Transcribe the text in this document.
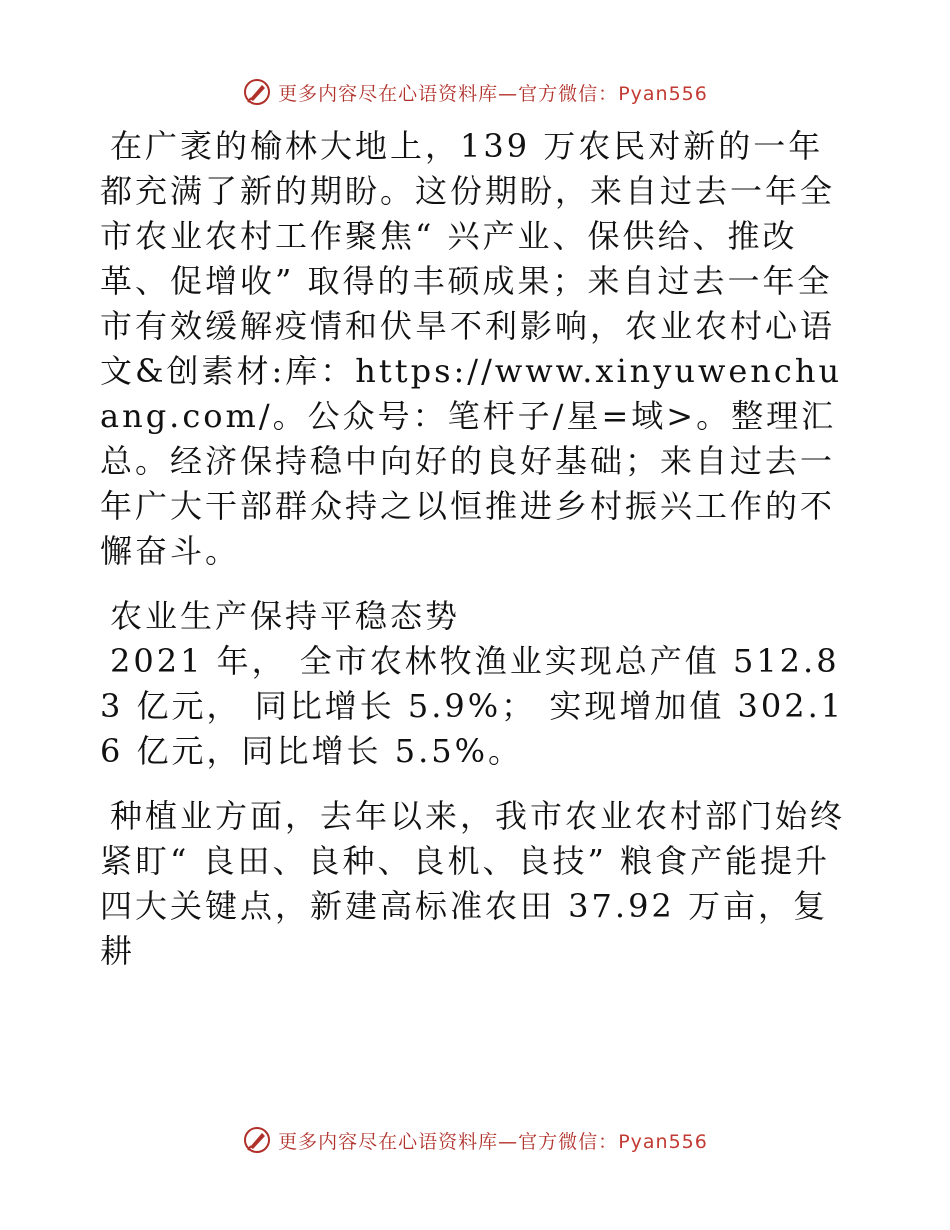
更多内容尽在心语资料库—官方微信：Pyan556

在广袤的榆林大地上，139 万农民对新的一年都充满了新的期盼。这份期盼，来自过去一年全市农业农村工作聚焦“ 兴产业、保供给、推改革、促增收” 取得的丰硕成果；来自过去一年全市有效缓解疫情和伏旱不利影响，农业农村心语文&创素材:库：https://www.xinyuwenchuang.com/。公众号：笔杆子/星=域>。整理汇总。经济保持稳中向好的良好基础；来自过去一年广大干部群众持之以恒推进乡村振兴工作的不懈奋斗。

农业生产保持平稳态势

2021 年， 全市农林牧渔业实现总产值 512.83 亿元， 同比增长 5.9%； 实现增加值 302.16 亿元，同比增长 5.5%。

种植业方面，去年以来，我市农业农村部门始终紧盯“ 良田、良种、良机、良技” 粮食产能提升四大关键点，新建高标准农田 37.92 万亩，复耕

更多内容尽在心语资料库—官方微信：Pyan556
